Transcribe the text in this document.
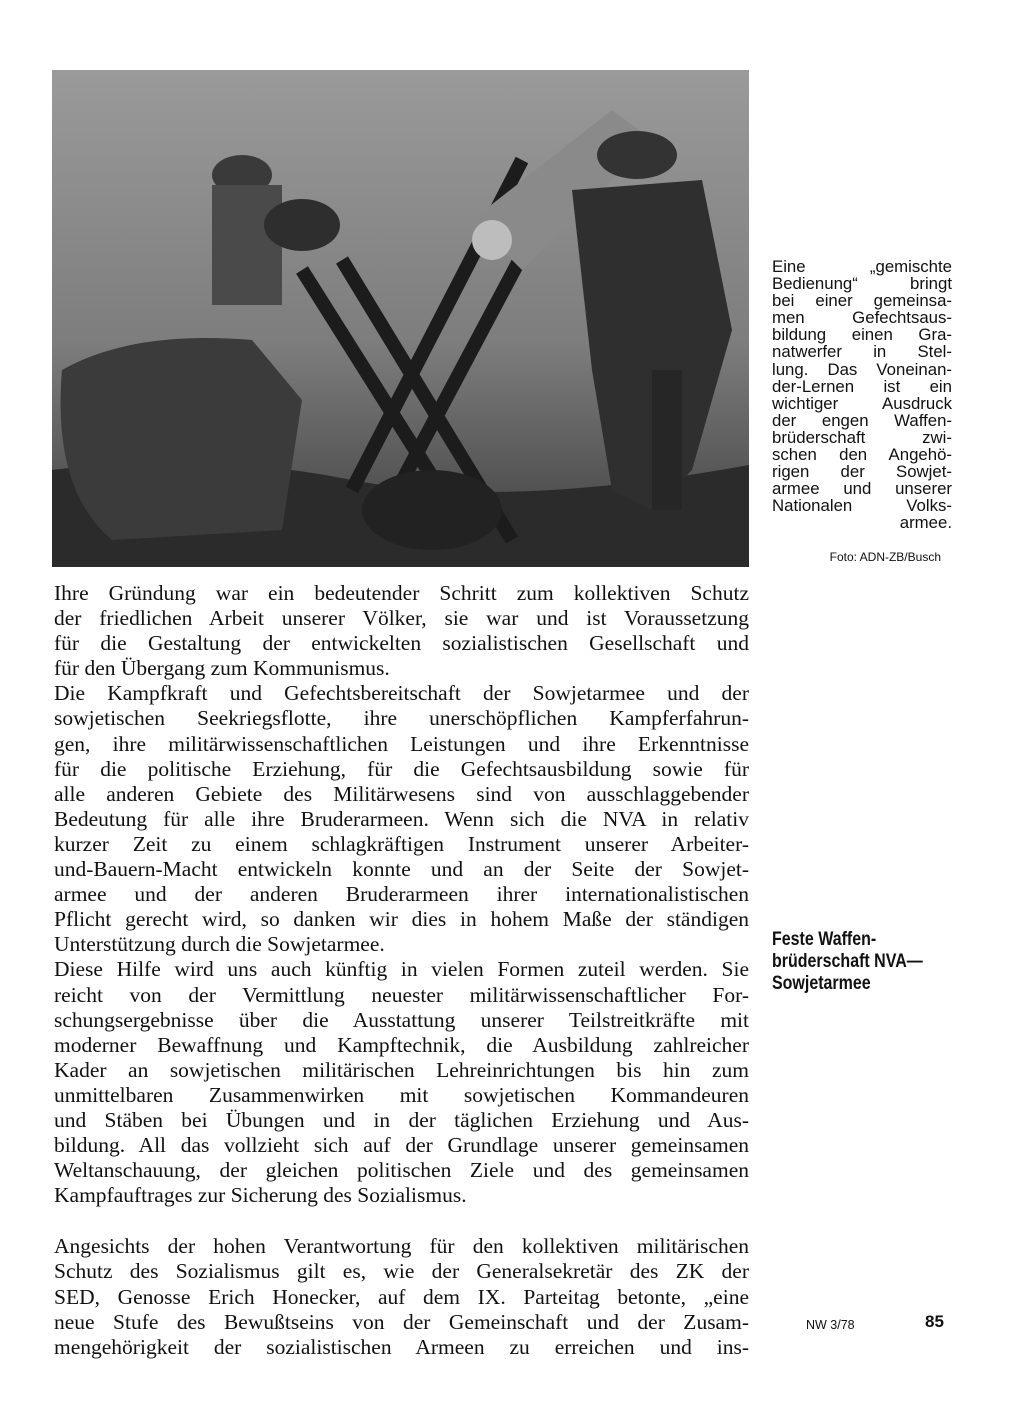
Eine „gemischte
Bedienung“ bringt
bei einer gemeinsa-
men Gefechtsaus-
bildung einen Gra-
natwerfer in Stel-
lung. Das Voneinan-
der-Lernen ist ein
wichtiger Ausdruck
der engen Waffen-
brüderschaft zwi-
schen den Angehö-
rigen der Sowjet-
armee und unserer
Nationalen Volks-
armee.
Foto: ADN-ZB/Busch

Ihre Gründung war ein bedeutender Schritt zum kollektiven Schutz
der friedlichen Arbeit unserer Völker, sie war und ist Voraussetzung
für die Gestaltung der entwickelten sozialistischen Gesellschaft und
für den Übergang zum Kommunismus.

Die Kampfkraft und Gefechtsbereitschaft der Sowjetarmee und der
sowjetischen Seekriegsflotte, ihre unerschöpflichen Kampferfahrun-
gen, ihre militärwissenschaftlichen Leistungen und ihre Erkenntnisse
für die politische Erziehung, für die Gefechtsausbildung sowie für
alle anderen Gebiete des Militärwesens sind von ausschlaggebender
Bedeutung für alle ihre Bruderarmeen. Wenn sich die NVA in relativ
kurzer Zeit zu einem schlagkräftigen Instrument unserer Arbeiter-
und-Bauern-Macht entwickeln konnte und an der Seite der Sowjet-
armee und der anderen Bruderarmeen ihrer internationalistischen
Pflicht gerecht wird, so danken wir dies in hohem Maße der ständigen
Unterstützung durch die Sowjetarmee.

Diese Hilfe wird uns auch künftig in vielen Formen zuteil werden. Sie
reicht von der Vermittlung neuester militärwissenschaftlicher For-
schungsergebnisse über die Ausstattung unserer Teilstreitkräfte mit
moderner Bewaffnung und Kampftechnik, die Ausbildung zahlreicher
Kader an sowjetischen militärischen Lehreinrichtungen bis hin zum
unmittelbaren Zusammenwirken mit sowjetischen Kommandeuren
und Stäben bei Übungen und in der täglichen Erziehung und Aus-
bildung. All das vollzieht sich auf der Grundlage unserer gemeinsamen
Weltanschauung, der gleichen politischen Ziele und des gemeinsamen
Kampfauftrages zur Sicherung des Sozialismus.

Angesichts der hohen Verantwortung für den kollektiven militärischen
Schutz des Sozialismus gilt es, wie der Generalsekretär des ZK der
SED, Genosse Erich Honecker, auf dem IX. Parteitag betonte, „eine
neue Stufe des Bewußtseins von der Gemeinschaft und der Zusam-
mengehörigkeit der sozialistischen Armeen zu erreichen und ins-

Feste Waffen-
brüderschaft NVA—
Sowjetarmee
NW 3/78	85
